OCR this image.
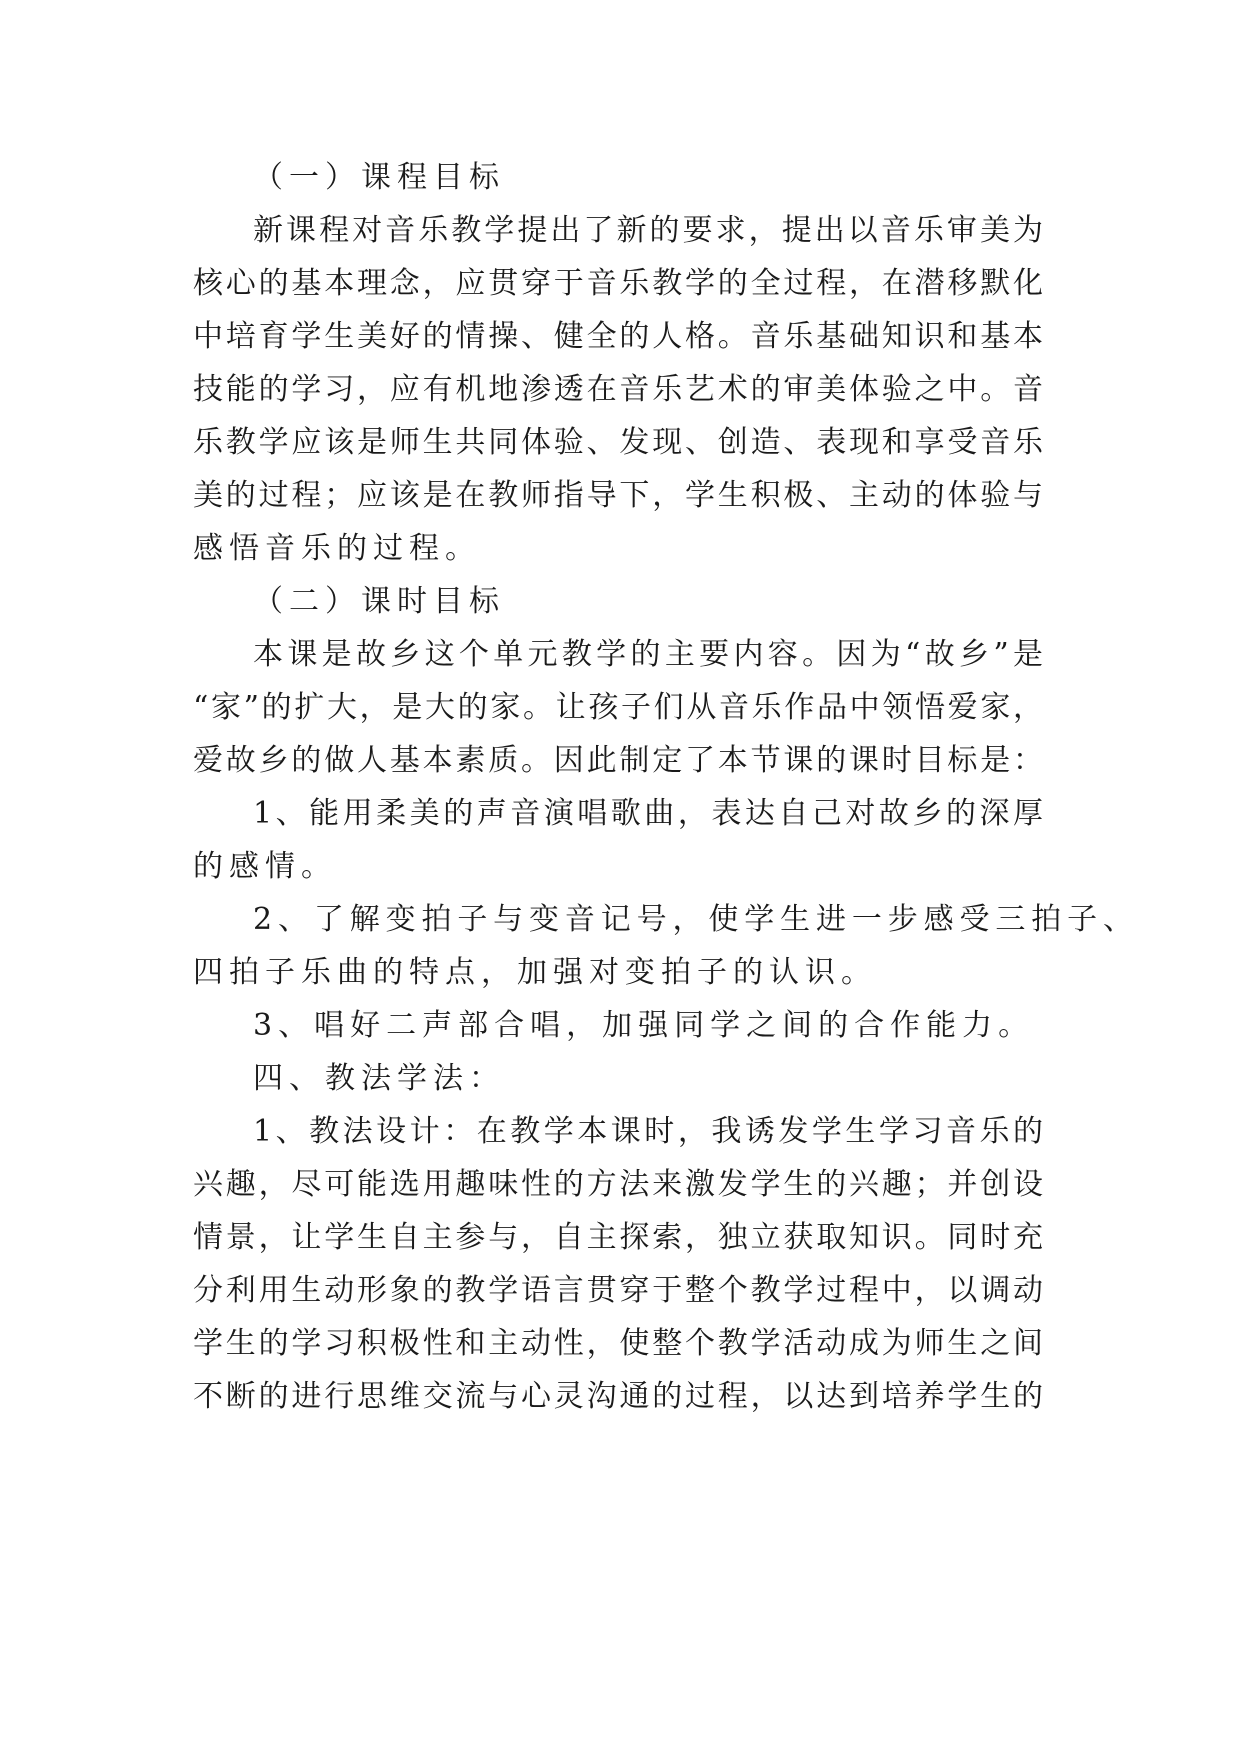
（一）课程目标
新课程对音乐教学提出了新的要求，提出以音乐审美为
核心的基本理念，应贯穿于音乐教学的全过程，在潜移默化
中培育学生美好的情操、健全的人格。音乐基础知识和基本
技能的学习，应有机地渗透在音乐艺术的审美体验之中。音
乐教学应该是师生共同体验、发现、创造、表现和享受音乐
美的过程；应该是在教师指导下，学生积极、主动的体验与
感悟音乐的过程。
（二）课时目标
本课是故乡这个单元教学的主要内容。因为“故乡”是
“家”的扩大，是大的家。让孩子们从音乐作品中领悟爱家，
爱故乡的做人基本素质。因此制定了本节课的课时目标是：
1、能用柔美的声音演唱歌曲，表达自己对故乡的深厚
的感情。
2、了解变拍子与变音记号，使学生进一步感受三拍子、
四拍子乐曲的特点，加强对变拍子的认识。
3、唱好二声部合唱，加强同学之间的合作能力。
四、教法学法：
1、教法设计：在教学本课时，我诱发学生学习音乐的
兴趣，尽可能选用趣味性的方法来激发学生的兴趣；并创设
情景，让学生自主参与，自主探索，独立获取知识。同时充
分利用生动形象的教学语言贯穿于整个教学过程中，以调动
学生的学习积极性和主动性，使整个教学活动成为师生之间
不断的进行思维交流与心灵沟通的过程，以达到培养学生的
